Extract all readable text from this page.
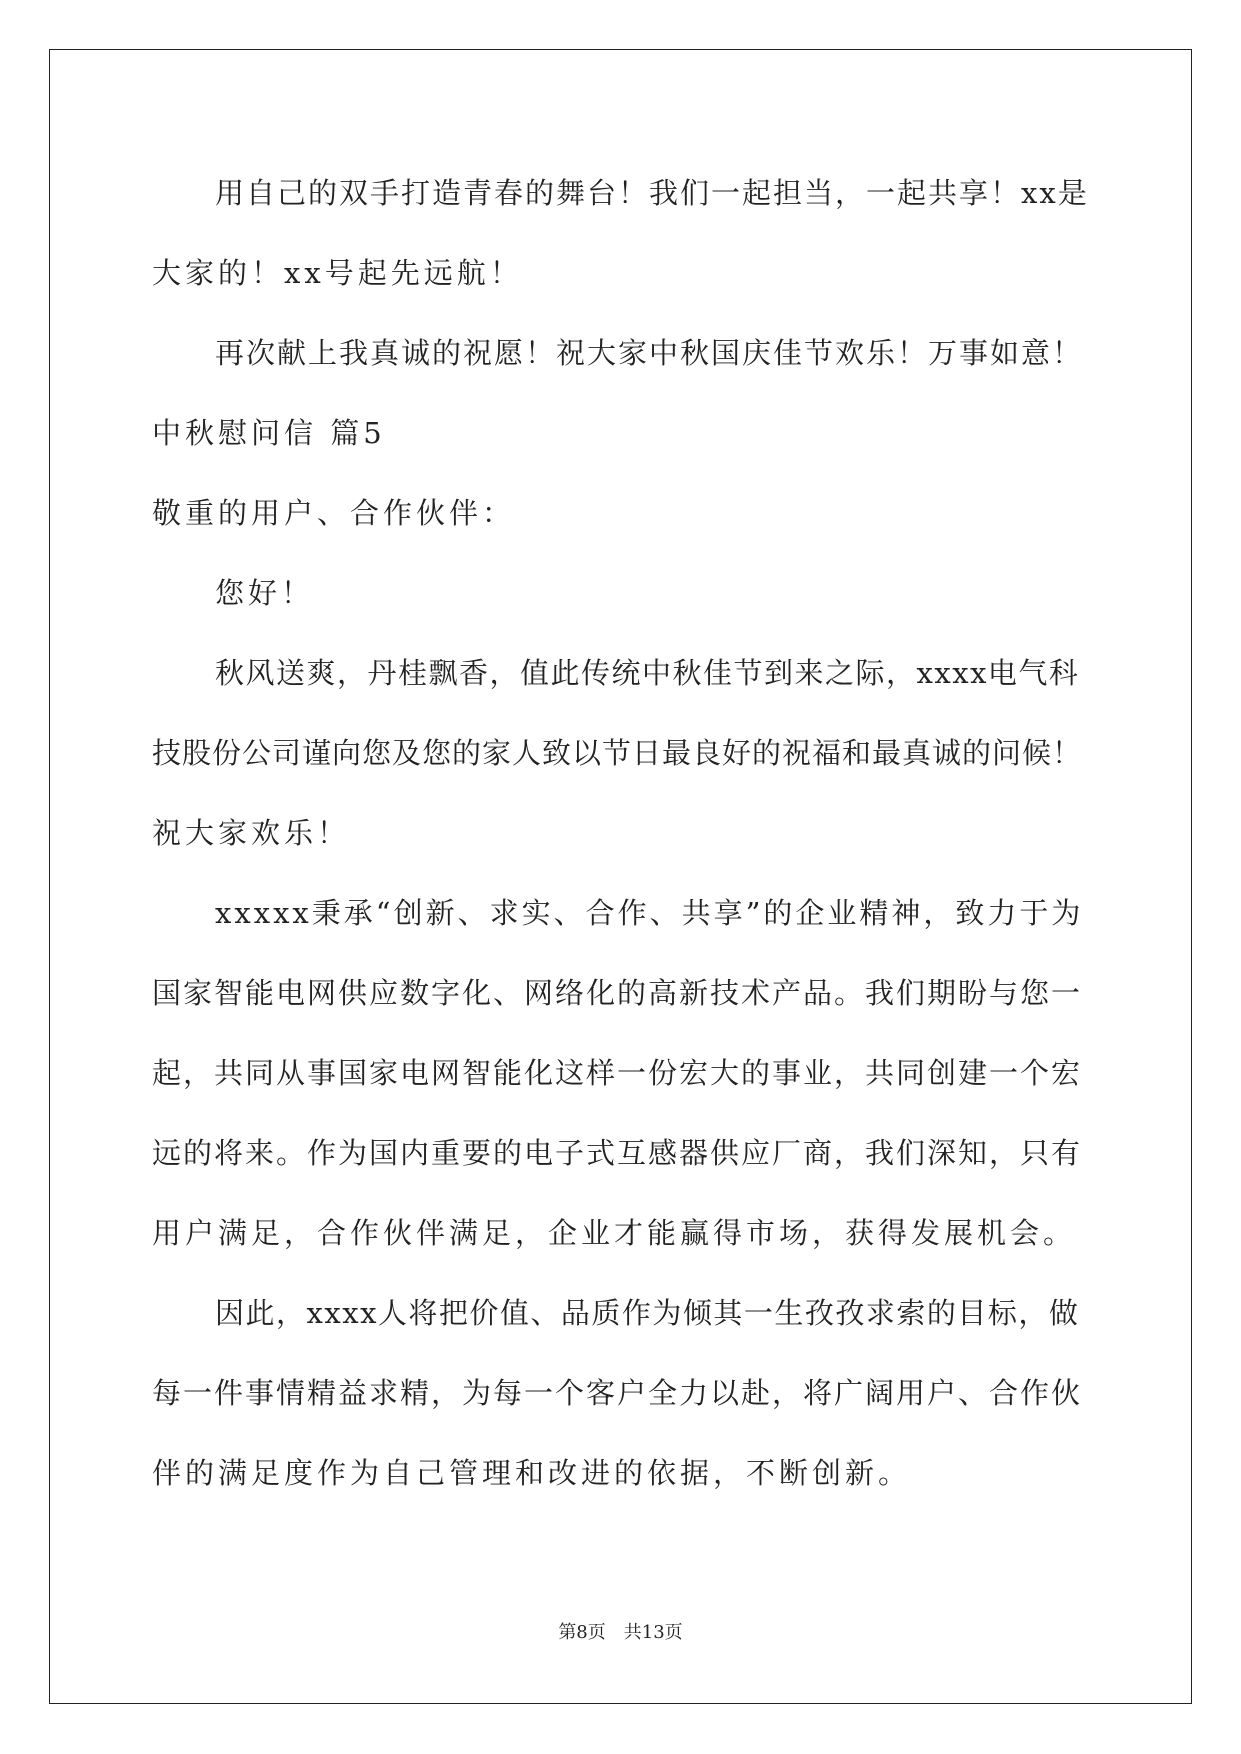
用自己的双手打造青春的舞台！我们一起担当，一起共享！xx是
大家的！xx号起先远航！
再次献上我真诚的祝愿！祝大家中秋国庆佳节欢乐！万事如意！
中秋慰问信 篇5
敬重的用户、合作伙伴：
您好！
秋风送爽，丹桂飘香，值此传统中秋佳节到来之际，xxxx电气科
技股份公司谨向您及您的家人致以节日最良好的祝福和最真诚的问候！
祝大家欢乐！
xxxxx秉承“创新、求实、合作、共享”的企业精神，致力于为
国家智能电网供应数字化、网络化的高新技术产品。我们期盼与您一
起，共同从事国家电网智能化这样一份宏大的事业，共同创建一个宏
远的将来。作为国内重要的电子式互感器供应厂商，我们深知，只有
用户满足，合作伙伴满足，企业才能赢得市场，获得发展机会。
因此，xxxx人将把价值、品质作为倾其一生孜孜求索的目标，做
每一件事情精益求精，为每一个客户全力以赴，将广阔用户、合作伙
伴的满足度作为自己管理和改进的依据，不断创新。
第8页 共13页
